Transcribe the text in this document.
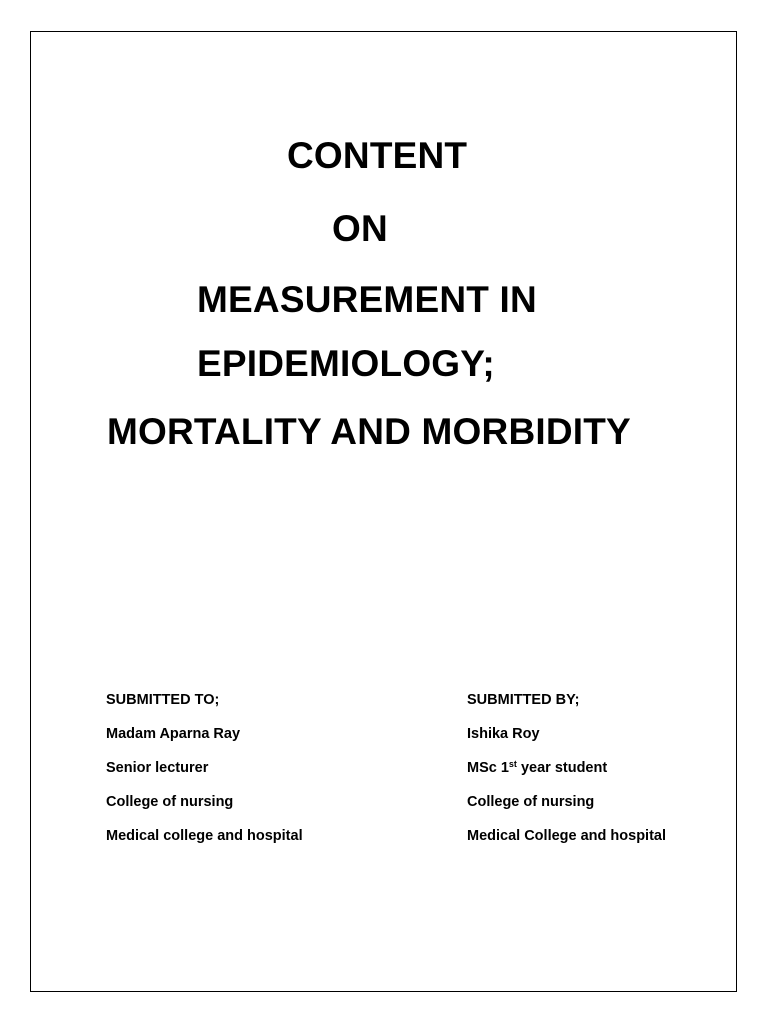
CONTENT
ON
MEASUREMENT IN
EPIDEMIOLOGY;
MORTALITY AND MORBIDITY
SUBMITTED TO;
Madam Aparna Ray
Senior lecturer
College of nursing
Medical college and hospital
SUBMITTED BY;
Ishika Roy
MSc 1st year student
College of nursing
Medical College and hospital
